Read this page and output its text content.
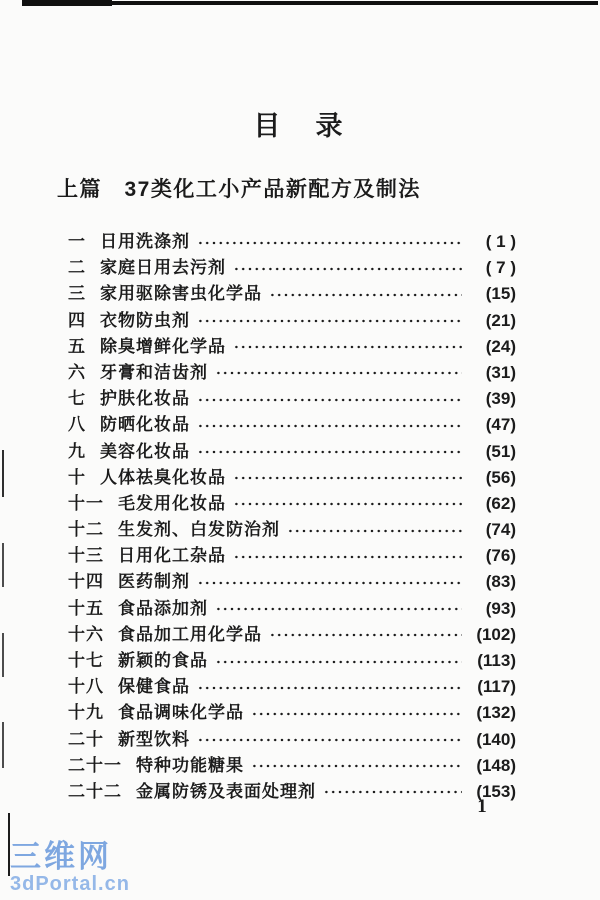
目　录
上篇　37类化工小产品新配方及制法
一 日用洗涤剂	( 1 )
二 家庭日用去污剂	( 7 )
三 家用驱除害虫化学品	(15)
四 衣物防虫剂	(21)
五 除臭增鲜化学品	(24)
六 牙膏和洁齿剂	(31)
七 护肤化妆品	(39)
八 防晒化妆品	(47)
九 美容化妆品	(51)
十 人体祛臭化妆品	(56)
十一 毛发用化妆品	(62)
十二 生发剂、白发防治剂	(74)
十三 日用化工杂品	(76)
十四 医药制剂	(83)
十五 食品添加剂	(93)
十六 食品加工用化学品	(102)
十七 新颖的食品	(113)
十八 保健食品	(117)
十九 食品调味化学品	(132)
二十 新型饮料	(140)
二十一 特种功能糖果	(148)
二十二 金属防锈及表面处理剂	(153)
1
三维网
3dPortal.cn
